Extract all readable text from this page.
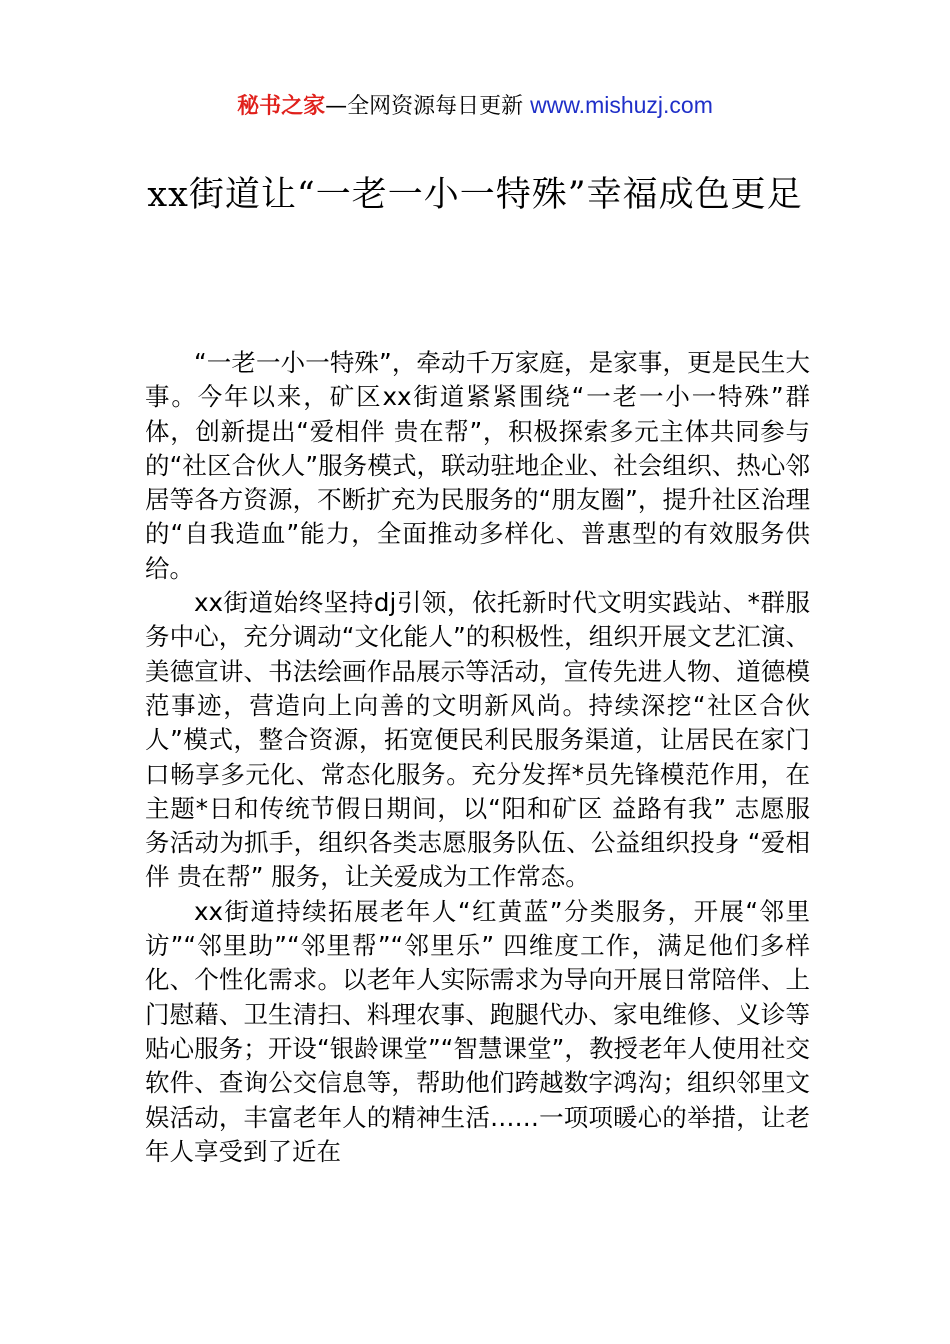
秘书之家—全网资源每日更新 www.mishuzj.com
xx街道让“一老一小一特殊”幸福成色更足

“一老一小一特殊”，牵动千万家庭，是家事，更是民生大事。今年以来，矿区xx街道紧紧围绕“一老一小一特殊”群体，创新提出“爱相伴 贵在帮”，积极探索多元主体共同参与的“社区合伙人”服务模式，联动驻地企业、社会组织、热心邻居等各方资源，不断扩充为民服务的“朋友圈”，提升社区治理的“自我造血”能力，全面推动多样化、普惠型的有效服务供给。

xx街道始终坚持dj引领，依托新时代文明实践站、*群服务中心，充分调动“文化能人”的积极性，组织开展文艺汇演、美德宣讲、书法绘画作品展示等活动，宣传先进人物、道德模范事迹，营造向上向善的文明新风尚。持续深挖“社区合伙人”模式，整合资源，拓宽便民利民服务渠道，让居民在家门口畅享多元化、常态化服务。充分发挥*员先锋模范作用，在主题*日和传统节假日期间，以“阳和矿区 益路有我” 志愿服务活动为抓手，组织各类志愿服务队伍、公益组织投身 “爱相伴 贵在帮” 服务，让关爱成为工作常态。

xx街道持续拓展老年人“红黄蓝”分类服务，开展“邻里访”“邻里助”“邻里帮”“邻里乐” 四维度工作，满足他们多样化、个性化需求。以老年人实际需求为导向开展日常陪伴、上门慰藉、卫生清扫、料理农事、跑腿代办、家电维修、义诊等贴心服务；开设“银龄课堂”“智慧课堂”，教授老年人使用社交软件、查询公交信息等，帮助他们跨越数字鸿沟；组织邻里文娱活动，丰富老年人的精神生活……一项项暖心的举措，让老年人享受到了近在
